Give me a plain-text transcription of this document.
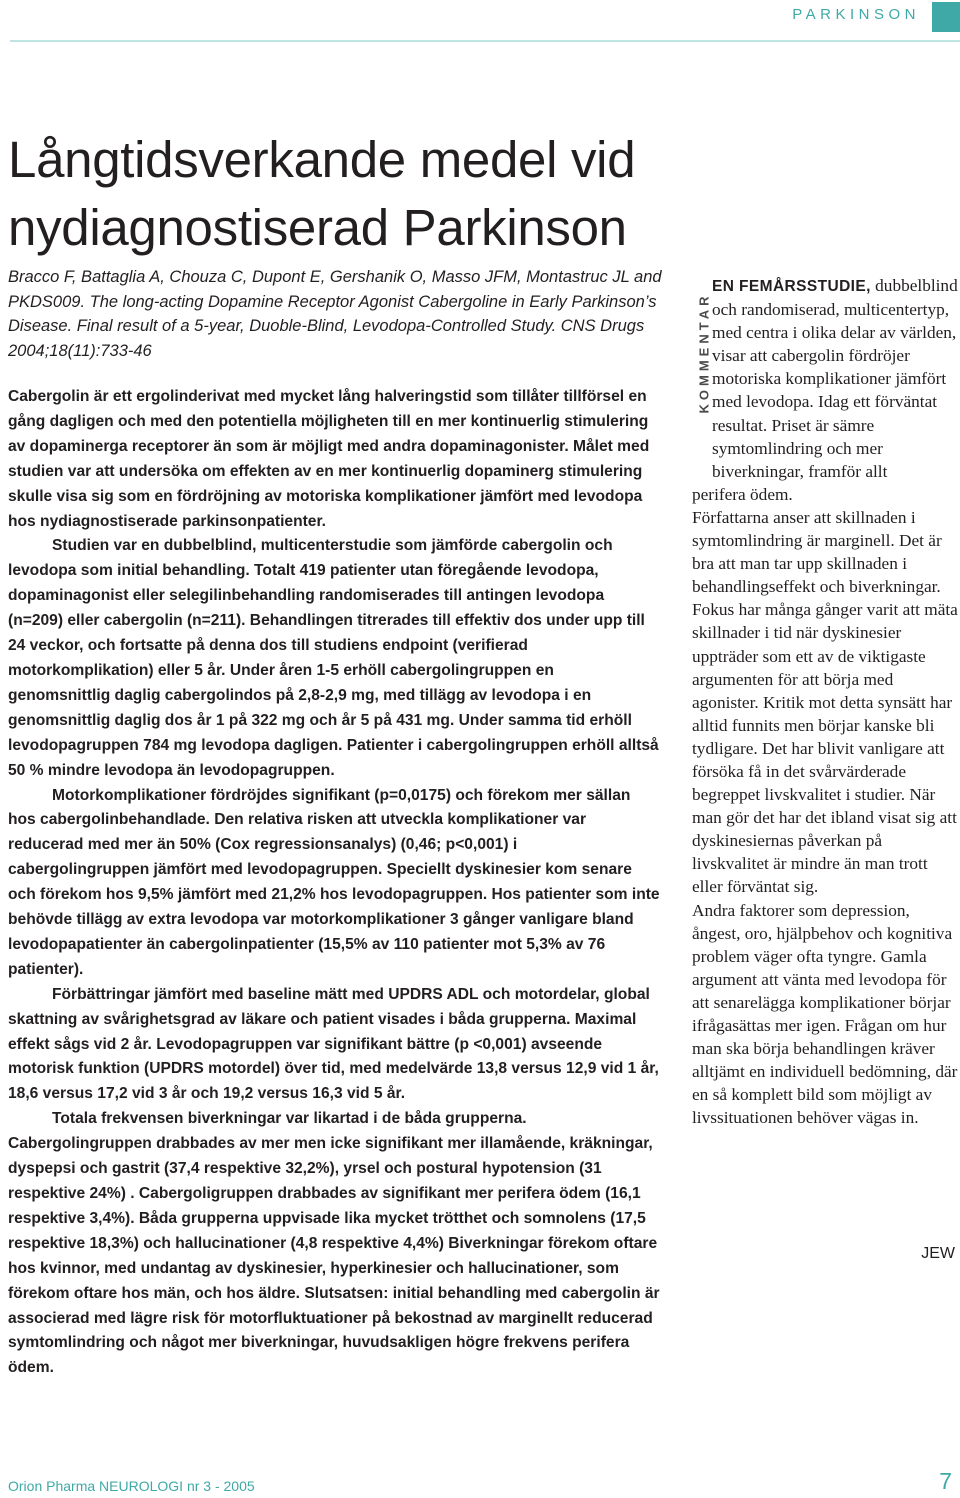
PARKINSON
Långtidsverkande medel vid
nydiagnostiserad Parkinson
Bracco F, Battaglia A, Chouza C, Dupont E, Gershanik O, Masso JFM, Montastruc JL and PKDS009. The long-acting Dopamine Receptor Agonist Cabergoline in Early Parkinson’s Disease. Final result of a 5-year, Duoble-Blind, Levodopa-Controlled Study. CNS Drugs 2004;18(11):733-46

Cabergolin är ett ergolinderivat med mycket lång halveringstid som tillåter tillförsel en gång dagligen och med den potentiella möjligheten till en mer kontinuerlig stimulering av dopaminerga receptorer än som är möjligt med andra dopaminagonister. Målet med studien var att undersöka om effekten av en mer kontinuerlig dopaminerg stimulering skulle visa sig som en fördröjning av motoriska komplikationer jämfört med levodopa hos nydiagnostiserade parkinsonpatienter.

Studien var en dubbelblind, multicenterstudie som jämförde cabergolin och levodopa som initial behandling. Totalt 419 patienter utan föregående levodopa, dopaminagonist eller selegilinbehandling randomiserades till antingen levodopa (n=209) eller cabergolin (n=211). Behandlingen titrerades till effektiv dos under upp till 24 veckor, och fortsatte på denna dos till studiens endpoint (verifierad motorkomplikation) eller 5 år. Under åren 1-5 erhöll cabergolingruppen en genomsnittlig daglig cabergolindos på 2,8-2,9 mg, med tillägg av levodopa i en genomsnittlig daglig dos år 1 på 322 mg och år 5 på 431 mg. Under samma tid erhöll levodopagruppen 784 mg levodopa dagligen. Patienter i cabergolingruppen erhöll alltså 50 % mindre levodopa än levodopagruppen.

Motorkomplikationer fördröjdes signifikant (p=0,0175) och förekom mer sällan hos cabergolinbehandlade. Den relativa risken att utveckla komplikationer var reducerad med mer än 50% (Cox regressionsanalys) (0,46; p<0,001) i cabergolingruppen jämfört med levodopagruppen. Speciellt dyskinesier kom senare och förekom hos 9,5% jämfört med 21,2% hos levodopagruppen. Hos patienter som inte behövde tillägg av extra levodopa var motorkomplikationer 3 gånger vanligare bland levodopapatienter än cabergolinpatienter (15,5% av 110 patienter mot 5,3% av 76 patienter).

Förbättringar jämfört med baseline mätt med UPDRS ADL och motordelar, global skattning av svårighetsgrad av läkare och patient visades i båda grupperna. Maximal effekt sågs vid 2 år. Levodopagruppen var signifikant bättre (p <0,001) avseende motorisk funktion (UPDRS motordel) över tid, med medelvärde 13,8 versus 12,9 vid 1 år, 18,6 versus 17,2 vid 3 år och 19,2 versus 16,3 vid 5 år.

Totala frekvensen biverkningar var likartad i de båda grupperna. Cabergolingruppen drabbades av mer men icke signifikant mer illamående, kräkningar, dyspepsi och gastrit (37,4 respektive 32,2%), yrsel och postural hypotension (31 respektive 24%) . Cabergoligruppen drabbades av signifikant mer perifera ödem (16,1 respektive 3,4%). Båda grupperna uppvisade lika mycket trötthet och somnolens (17,5 respektive 18,3%) och hallucinationer (4,8 respektive 4,4%) Biverkningar förekom oftare hos kvinnor, med undantag av dyskinesier, hyperkinesier och hallucinationer, som förekom oftare hos män, och hos äldre. Slutsatsen: initial behandling med cabergolin är associerad med lägre risk för motorfluktuationer på bekostnad av marginellt reducerad symtomlindring och något mer biverkningar, huvudsakligen högre frekvens perifera ödem.

KOMMENTAR

EN FEMÅRSSTUDIE, dubbelblind och randomiserad, multicentertyp, med centra i olika delar av världen, visar att cabergolin fördröjer motoriska komplikationer jämfört med levodopa. Idag ett förväntat resultat. Priset är sämre symtomlindring och mer biverkningar, framför allt

perifera ödem.

Författarna anser att skillnaden i symtomlindring är marginell. Det är bra att man tar upp skillnaden i behandlingseffekt och biverkningar. Fokus har många gånger varit att mäta skillnader i tid när dyskinesier uppträder som ett av de viktigaste argumenten för att börja med agonister. Kritik mot detta synsätt har alltid funnits men börjar kanske bli tydligare. Det har blivit vanligare att försöka få in det svårvärderade begreppet livskvalitet i studier. När man gör det har det ibland visat sig att dyskinesiernas påverkan på livskvalitet är mindre än man trott eller förväntat sig.

Andra faktorer som depression, ångest, oro, hjälpbehov och kognitiva problem väger ofta tyngre. Gamla argument att vänta med levodopa för att senarelägga komplikationer börjar ifrågasättas mer igen. Frågan om hur man ska börja behandlingen kräver alltjämt en individuell bedömning, där en så komplett bild som möjligt av livssituationen behöver vägas in.

JEW
Orion Pharma NEUROLOGI nr 3 - 2005	7
